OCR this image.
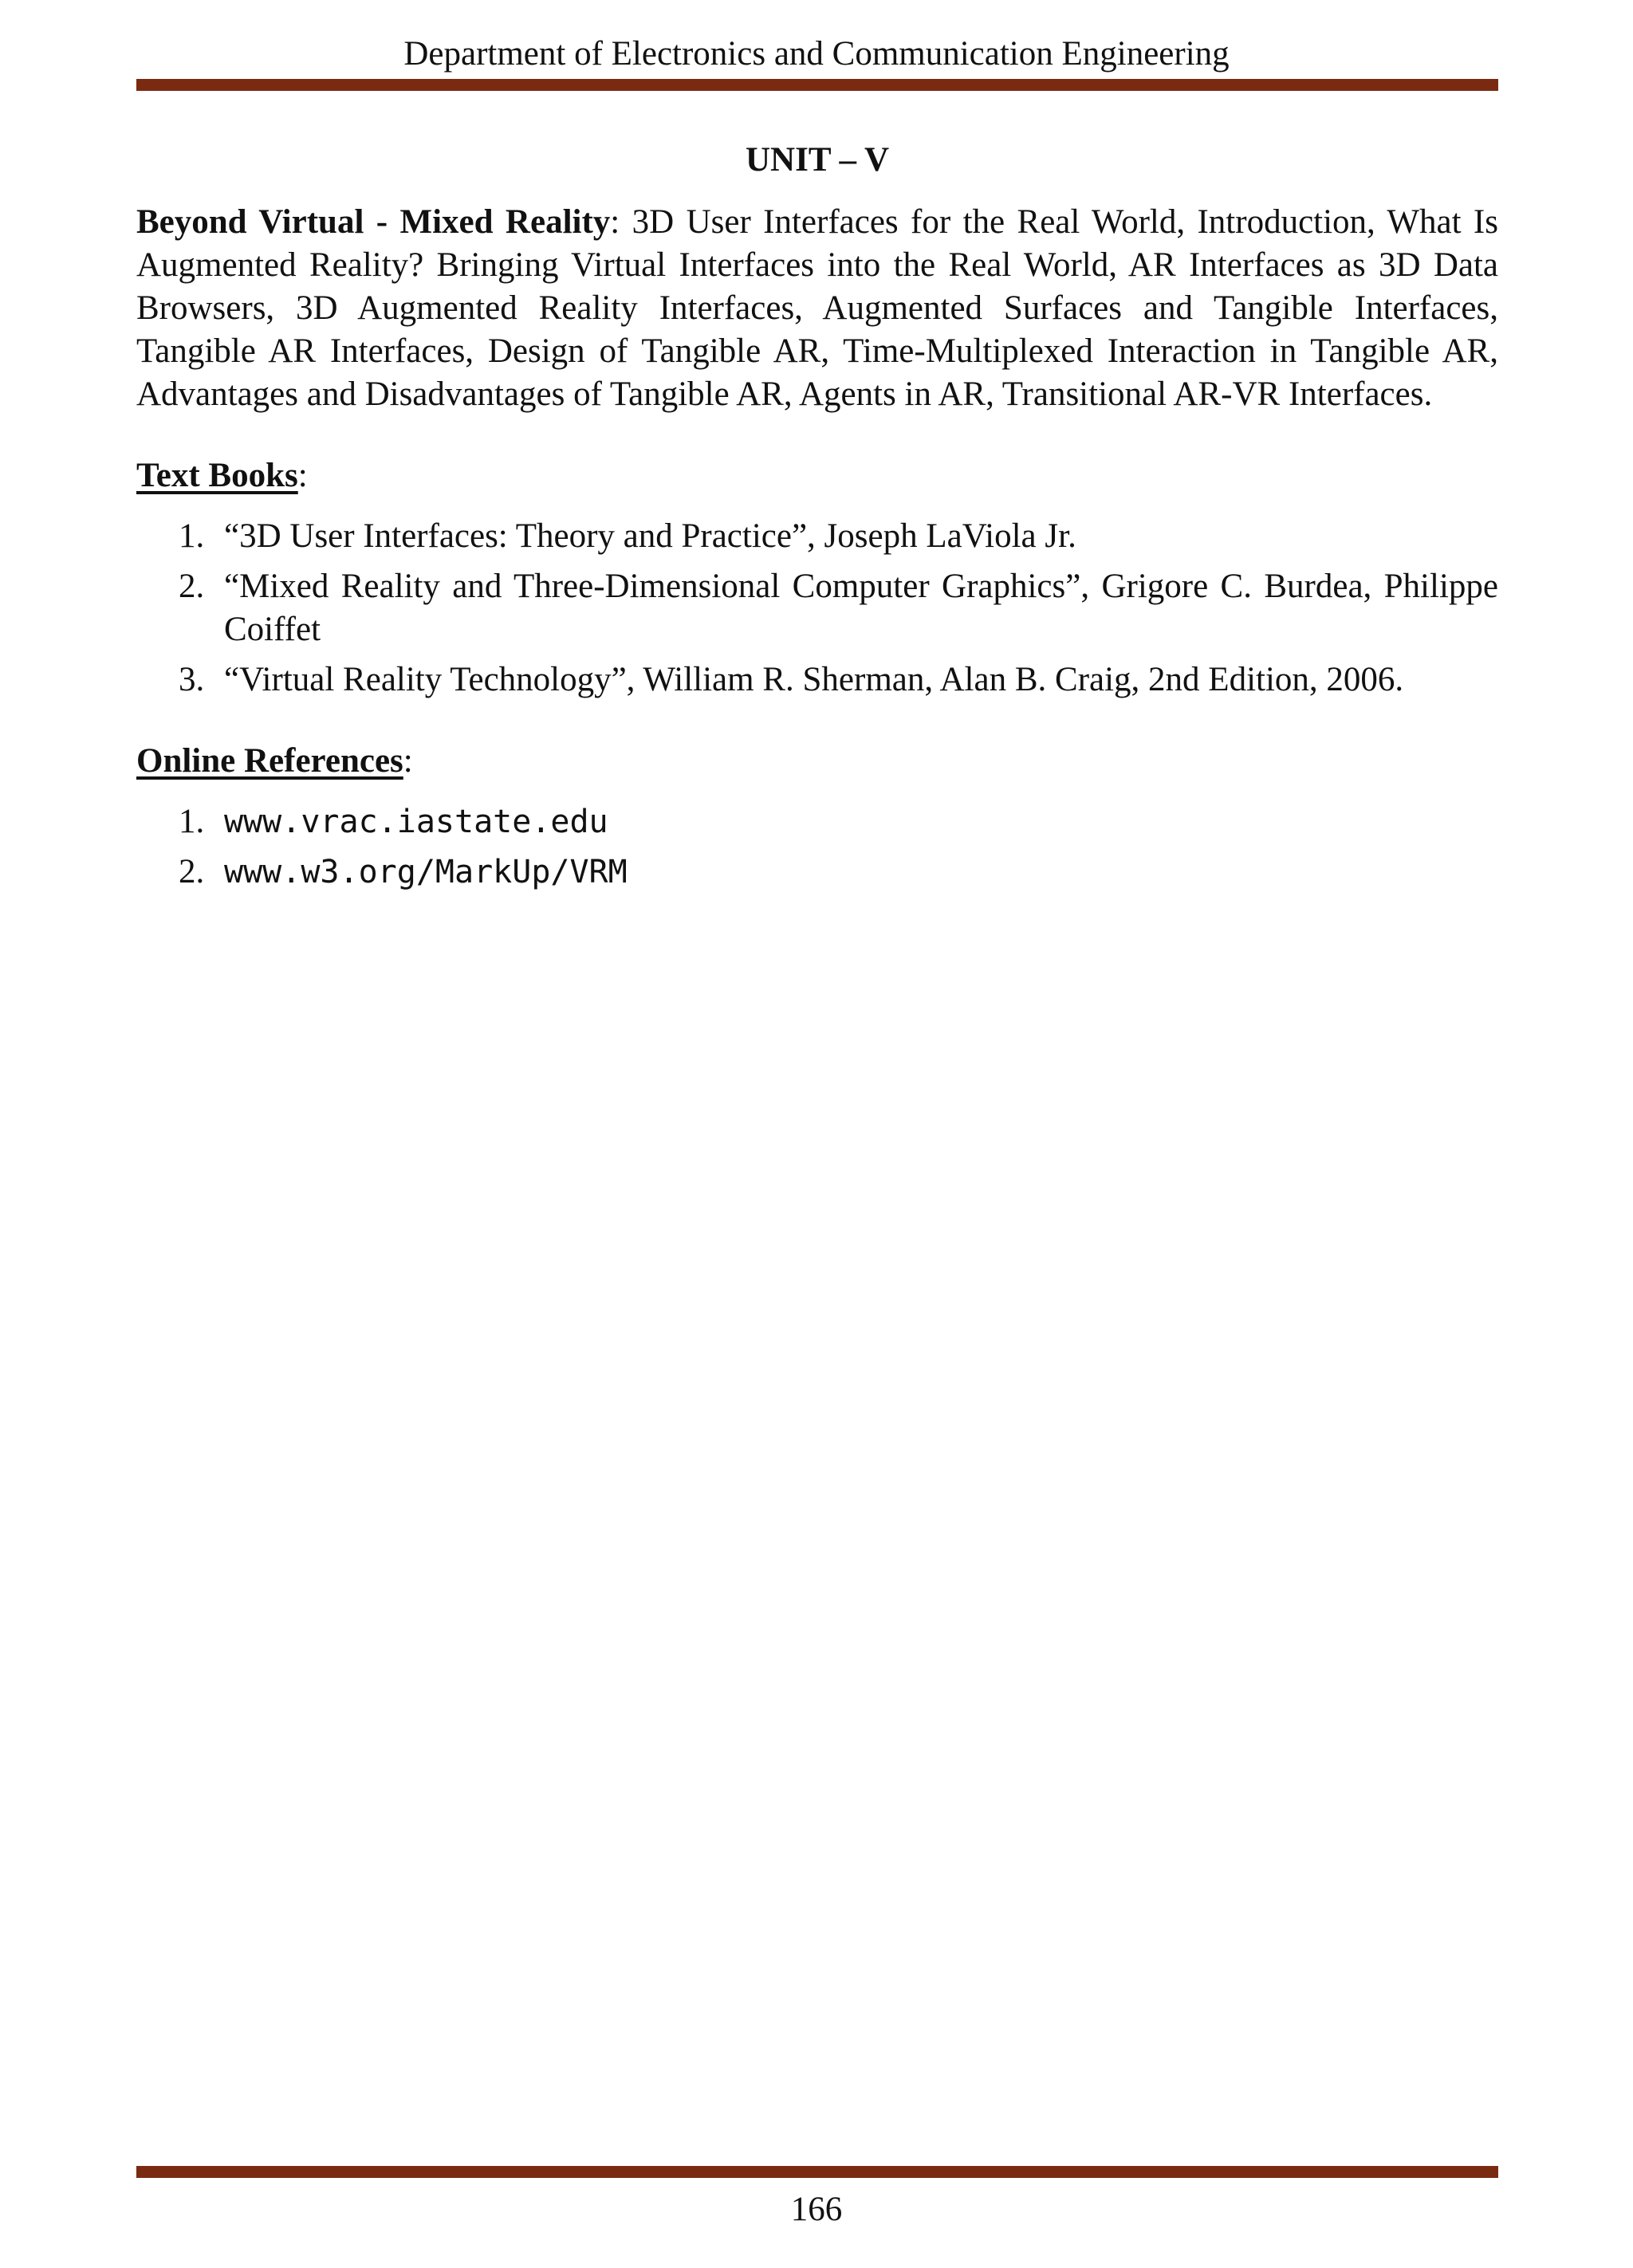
Department of Electronics and Communication Engineering
UNIT – V

Beyond Virtual - Mixed Reality: 3D User Interfaces for the Real World, Introduction, What Is Augmented Reality? Bringing Virtual Interfaces into the Real World, AR Interfaces as 3D Data Browsers, 3D Augmented Reality Interfaces, Augmented Surfaces and Tangible Interfaces, Tangible AR Interfaces, Design of Tangible AR, Time-Multiplexed Interaction in Tangible AR, Advantages and Disadvantages of Tangible AR, Agents in AR, Transitional AR-VR Interfaces.

Text Books:
1. “3D User Interfaces: Theory and Practice”, Joseph LaViola Jr.
2. “Mixed Reality and Three-Dimensional Computer Graphics”, Grigore C. Burdea, Philippe Coiffet
3. “Virtual Reality Technology”, William R. Sherman, Alan B. Craig, 2nd Edition, 2006.
Online References:
1. www.vrac.iastate.edu
2. www.w3.org/MarkUp/VRM
166
